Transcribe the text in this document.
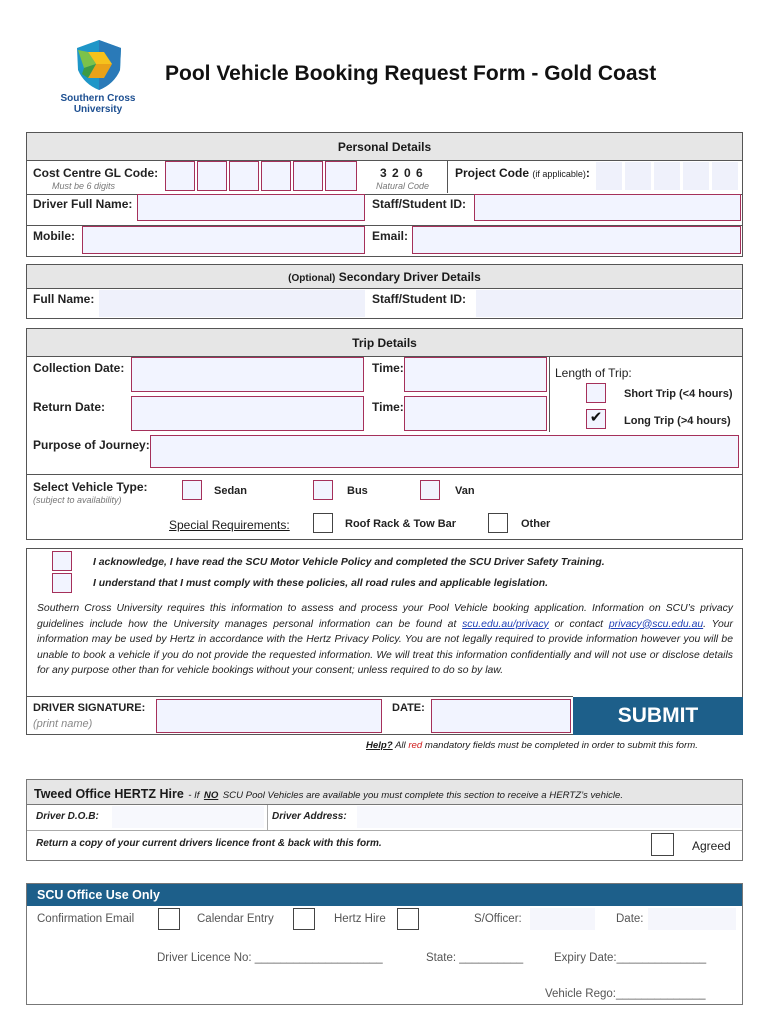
Southern Cross
University
Pool Vehicle Booking Request Form - Gold Coast
Personal Details
Cost Centre GL Code:
Must be 6 digits
3 2 0 6
Natural Code
Project Code (if applicable):
Driver Full Name:	Staff/Student ID:
Mobile:	Email:
(Optional) Secondary Driver Details
Full Name:	Staff/Student ID:
Trip Details
Collection Date:	Time:	Length of Trip:
Short Trip (<4 hours)
✔	Long Trip (>4 hours)
Return Date:	Time:
Purpose of Journey:
Select Vehicle Type:
(subject to availability)
Sedan	Bus	Van
Special Requirements:	Roof Rack & Tow Bar	Other
I acknowledge, I have read the SCU Motor Vehicle Policy and completed the SCU Driver Safety Training.
I understand that I must comply with these policies, all road rules and applicable legislation.
Southern Cross University requires this information to assess and process your Pool Vehicle booking application. Information on SCU’s privacy guidelines include how the University manages personal information can be found at scu.edu.au/privacy or contact privacy@scu.edu.au. Your information may be used by Hertz in accordance with the Hertz Privacy Policy. You are not legally required to provide information however you will be unable to book a vehicle if you do not provide the requested information. We will treat this information confidentially and will not use or disclose details for any purpose other than for vehicle bookings without your consent; unless required to do so by law.
DRIVER SIGNATURE:
(print name)
DATE:	SUBMIT
Help? All red mandatory fields must be completed in order to submit this form.
Tweed Office HERTZ Hire - If NO SCU Pool Vehicles are available you must complete this section to receive a HERTZ’s vehicle.
Driver D.O.B:	Driver Address:
Return a copy of your current drivers licence front & back with this form.	Agreed
SCU Office Use Only
Confirmation Email	Calendar Entry	Hertz Hire	S/Officer:	Date:
Driver Licence No: ____________________	State: __________	Expiry Date:______________
Vehicle Rego:______________
